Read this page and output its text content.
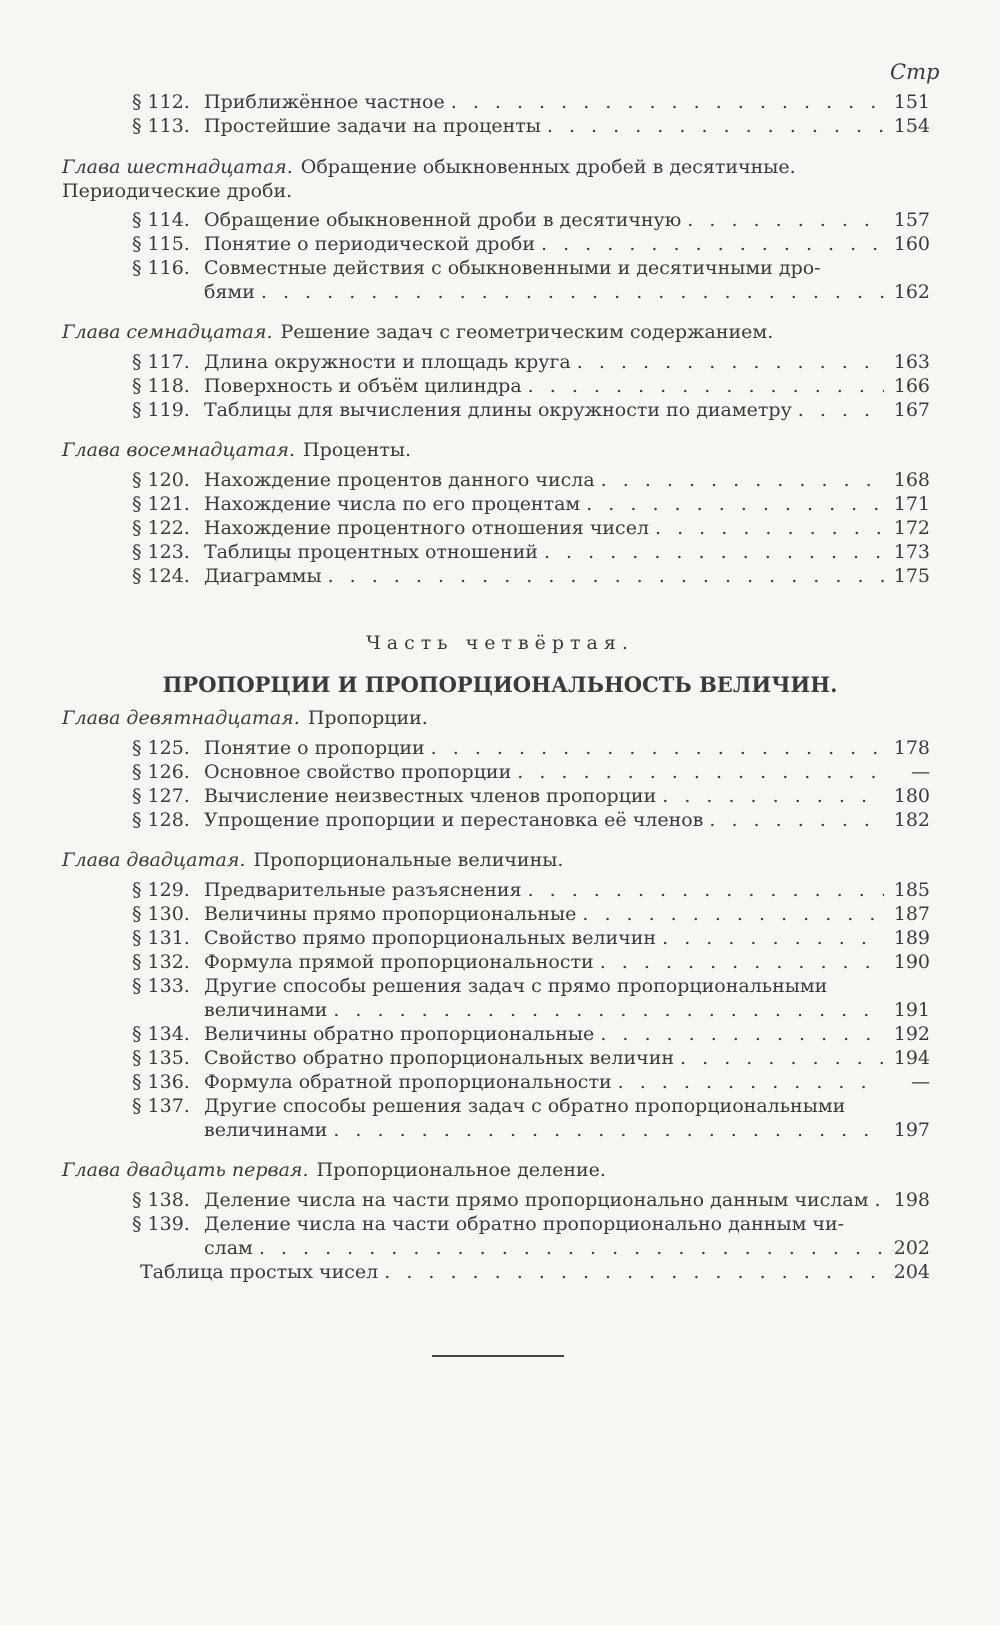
Стр
§ 112. Приближённое частное . . .	151
§ 113. Простейшие задачи на проценты . . .	154
Глава шестнадцатая. Обращение обыкновенных дробей в десятичные. Периодические дроби.
§ 114. Обращение обыкновенной дроби в десятичную . . .	157
§ 115. Понятие о периодической дроби . . .	160
§ 116. Совместные действия с обыкновенными и десятичными дро-
бями . . .	162
Глава семнадцатая. Решение задач с геометрическим содержанием.
§ 117. Длина окружности и площадь круга . . .	163
§ 118. Поверхность и объём цилиндра . . .	166
§ 119. Таблицы для вычисления длины окружности по диаметру . . .	167
Глава восемнадцатая. Проценты.
§ 120. Нахождение процентов данного числа . . .	168
§ 121. Нахождение числа по его процентам . . .	171
§ 122. Нахождение процентного отношения чисел . . .	172
§ 123. Таблицы процентных отношений . . .	173
§ 124. Диаграммы . . .	175
Часть четвёртая.
ПРОПОРЦИИ И ПРОПОРЦИОНАЛЬНОСТЬ ВЕЛИЧИН.
Глава девятнадцатая. Пропорции.
§ 125. Понятие о пропорции . . .	178
§ 126. Основное свойство пропорции . . .	—
§ 127. Вычисление неизвестных членов пропорции . . .	180
§ 128. Упрощение пропорции и перестановка её членов . . .	182
Глава двадцатая. Пропорциональные величины.
§ 129. Предварительные разъяснения . . .	185
§ 130. Величины прямо пропорциональные . . .	187
§ 131. Свойство прямо пропорциональных величин . . .	189
§ 132. Формула прямой пропорциональности . . .	190
§ 133. Другие способы решения задач с прямо пропорциональными
величинами . . .	191
§ 134. Величины обратно пропорциональные . . .	192
§ 135. Свойство обратно пропорциональных величин . . .	194
§ 136. Формула обратной пропорциональности . . .	—
§ 137. Другие способы решения задач с обратно пропорциональными
величинами . . .	197
Глава двадцать первая. Пропорциональное деление.
§ 138. Деление числа на части прямо пропорционально данным числам . . . 198
§ 139. Деление числа на части обратно пропорционально данным чи-
слам . . .	202
Таблица простых чисел . . .	204
